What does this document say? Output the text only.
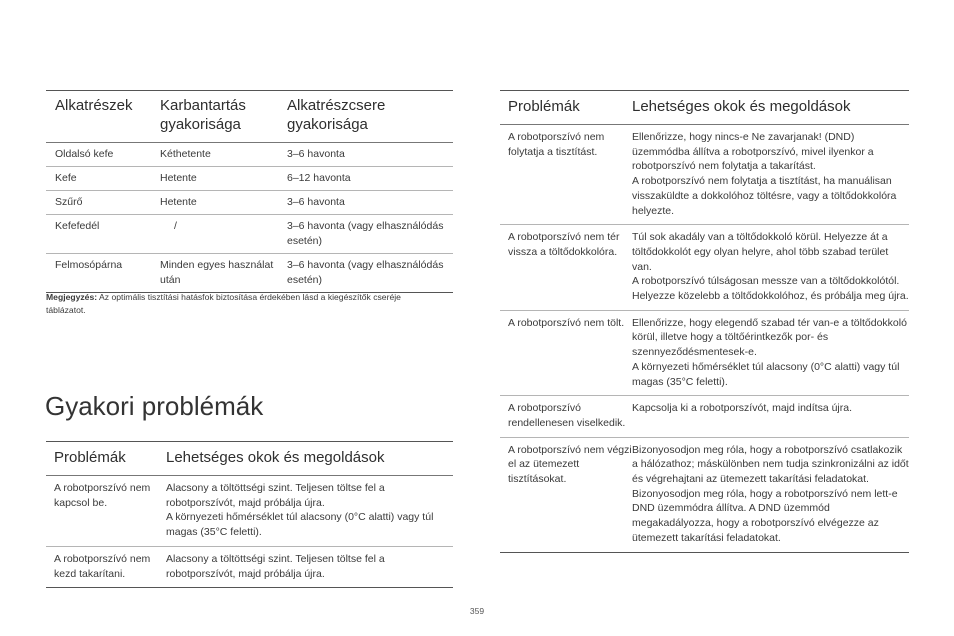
Alkatrészek	Karbantartás gyakorisága	Alkatrészcsere gyakorisága
Oldalsó kefe	Kéthetente	3–6 havonta
Kefe	Hetente	6–12 havonta
Szűrő	Hetente	3–6 havonta
Kefefedél	/	3–6 havonta (vagy elhasználódás esetén)
Felmosópárna	Minden egyes használat után	3–6 havonta (vagy elhasználódás esetén)
Megjegyzés: Az optimális tisztítási hatásfok biztosítása érdekében lásd a kiegészítők cseréje táblázatot.
Gyakori problémák
Problémák	Lehetséges okok és megoldások
A robotporszívó nem kapcsol be.	Alacsony a töltöttségi szint. Teljesen töltse fel a robotporszívót, majd próbálja újra.
A környezeti hőmérséklet túl alacsony (0°C alatti) vagy túl magas (35°C feletti).
A robotporszívó nem kezd takarítani.	Alacsony a töltöttségi szint. Teljesen töltse fel a robotporszívót, majd próbálja újra.
Problémák	Lehetséges okok és megoldások
A robotporszívó nem folytatja a tisztítást.	Ellenőrizze, hogy nincs-e Ne zavarjanak! (DND) üzemmódba állítva a robotporszívó, mivel ilyenkor a robotporszívó nem folytatja a takarítást.
A robotporszívó nem folytatja a tisztítást, ha manuálisan visszaküldte a dokkolóhoz töltésre, vagy a töltődokkolóra helyezte.
A robotporszívó nem tér vissza a töltődokkolóra.	Túl sok akadály van a töltődokkoló körül. Helyezze át a töltődokkolót egy olyan helyre, ahol több szabad terület van.
A robotporszívó túlságosan messze van a töltődokkolótól. Helyezze közelebb a töltődokkolóhoz, és próbálja meg újra.
A robotporszívó nem tölt.	Ellenőrizze, hogy elegendő szabad tér van-e a töltődokkoló körül, illetve hogy a töltőérintkezők por- és szennyeződésmentesek-e.
A környezeti hőmérséklet túl alacsony (0°C alatti) vagy túl magas (35°C feletti).
A robotporszívó rendellenesen viselkedik.	Kapcsolja ki a robotporszívót, majd indítsa újra.
A robotporszívó nem végzi el az ütemezett tisztításokat.	Bizonyosodjon meg róla, hogy a robotporszívó csatlakozik a hálózathoz; máskülönben nem tudja szinkronizálni az időt és végrehajtani az ütemezett takarítási feladatokat.
Bizonyosodjon meg róla, hogy a robotporszívó nem lett-e DND üzemmódra állítva. A DND üzemmód megakadályozza, hogy a robotporszívó elvégezze az ütemezett takarítási feladatokat.
359
